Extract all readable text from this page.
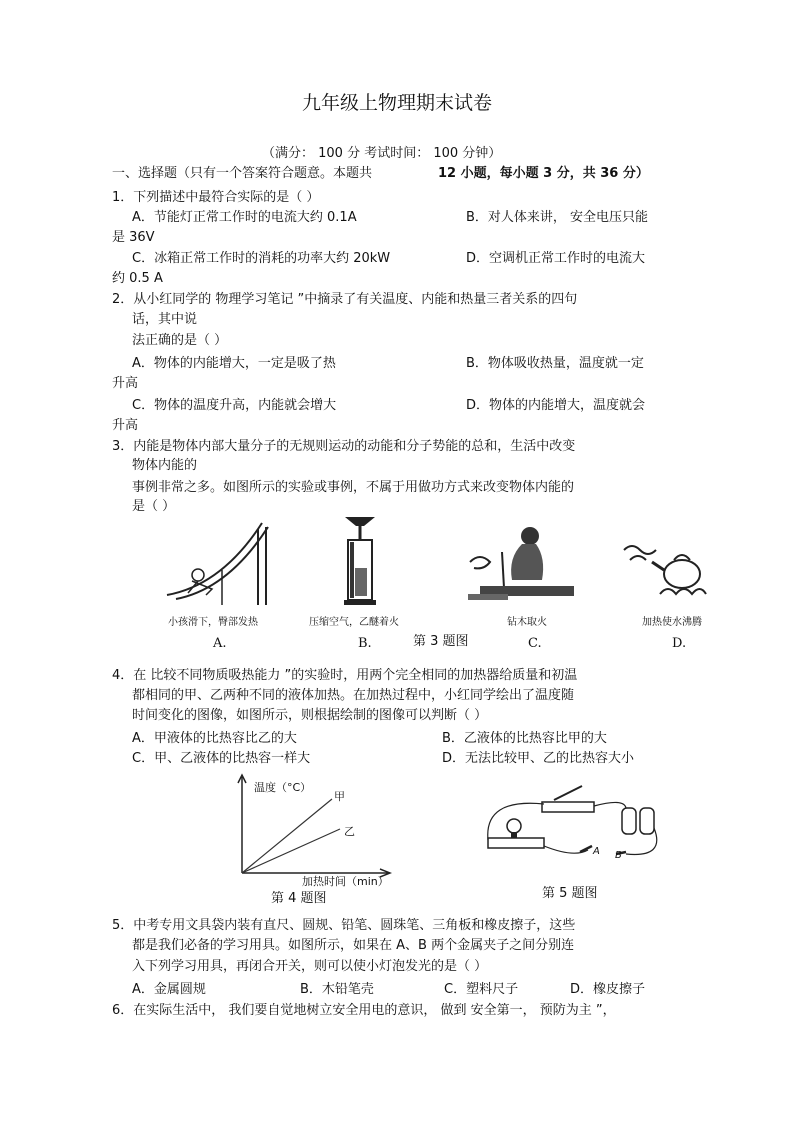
九年级上物理期末试卷
（满分： 100 分 考试时间： 100 分钟）
一、选择题（只有一个答案符合题意。本题共	12 小题，每小题 3 分，共 36 分）
1．下列描述中最符合实际的是（ ）
A．节能灯正常工作时的电流大约 0.1A	B．对人体来讲， 安全电压只能
是 36V
C．冰箱正常工作时的消耗的功率大约 20kW	D．空调机正常工作时的电流大
约 0.5 A
2．从小红同学的 物理学习笔记 ”中摘录了有关温度、内能和热量三者关系的四句
话，其中说
法正确的是（ ）
A．物体的内能增大，一定是吸了热	B．物体吸收热量，温度就一定
升高
C．物体的温度升高，内能就会增大	D．物体的内能增大，温度就会
升高
3．内能是物体内部大量分子的无规则运动的动能和分子势能的总和，生活中改变
物体内能的
事例非常之多。如图所示的实验或事例，不属于用做功方式来改变物体内能的
是（ ）
小孩滑下，臀部发热
A.
压缩空气，乙醚着火
B.
钻木取火
C.
加热使水沸腾
D.
第 3 题图
4．在 比较不同物质吸热能力 ”的实验时，用两个完全相同的加热器给质量和初温
都相同的甲、乙两种不同的液体加热。在加热过程中，小红同学绘出了温度随
时间变化的图像，如图所示，则根据绘制的图像可以判断（ ）
A．甲液体的比热容比乙的大	B．乙液体的比热容比甲的大
C．甲、乙液体的比热容一样大	D．无法比较甲、乙的比热容大小
温度（°C）
加热时间（min）
甲
乙
第 4 题图
A B
第 5 题图
5．中考专用文具袋内装有直尺、圆规、铅笔、圆珠笔、三角板和橡皮擦子，这些
都是我们必备的学习用具。如图所示，如果在 A、B 两个金属夹子之间分别连
入下列学习用具，再闭合开关，则可以使小灯泡发光的是（ ）
A．金属圆规	B．木铅笔壳	C．塑料尺子	D．橡皮擦子
6．在实际生活中， 我们要自觉地树立安全用电的意识， 做到 安全第一， 预防为主 ”，
